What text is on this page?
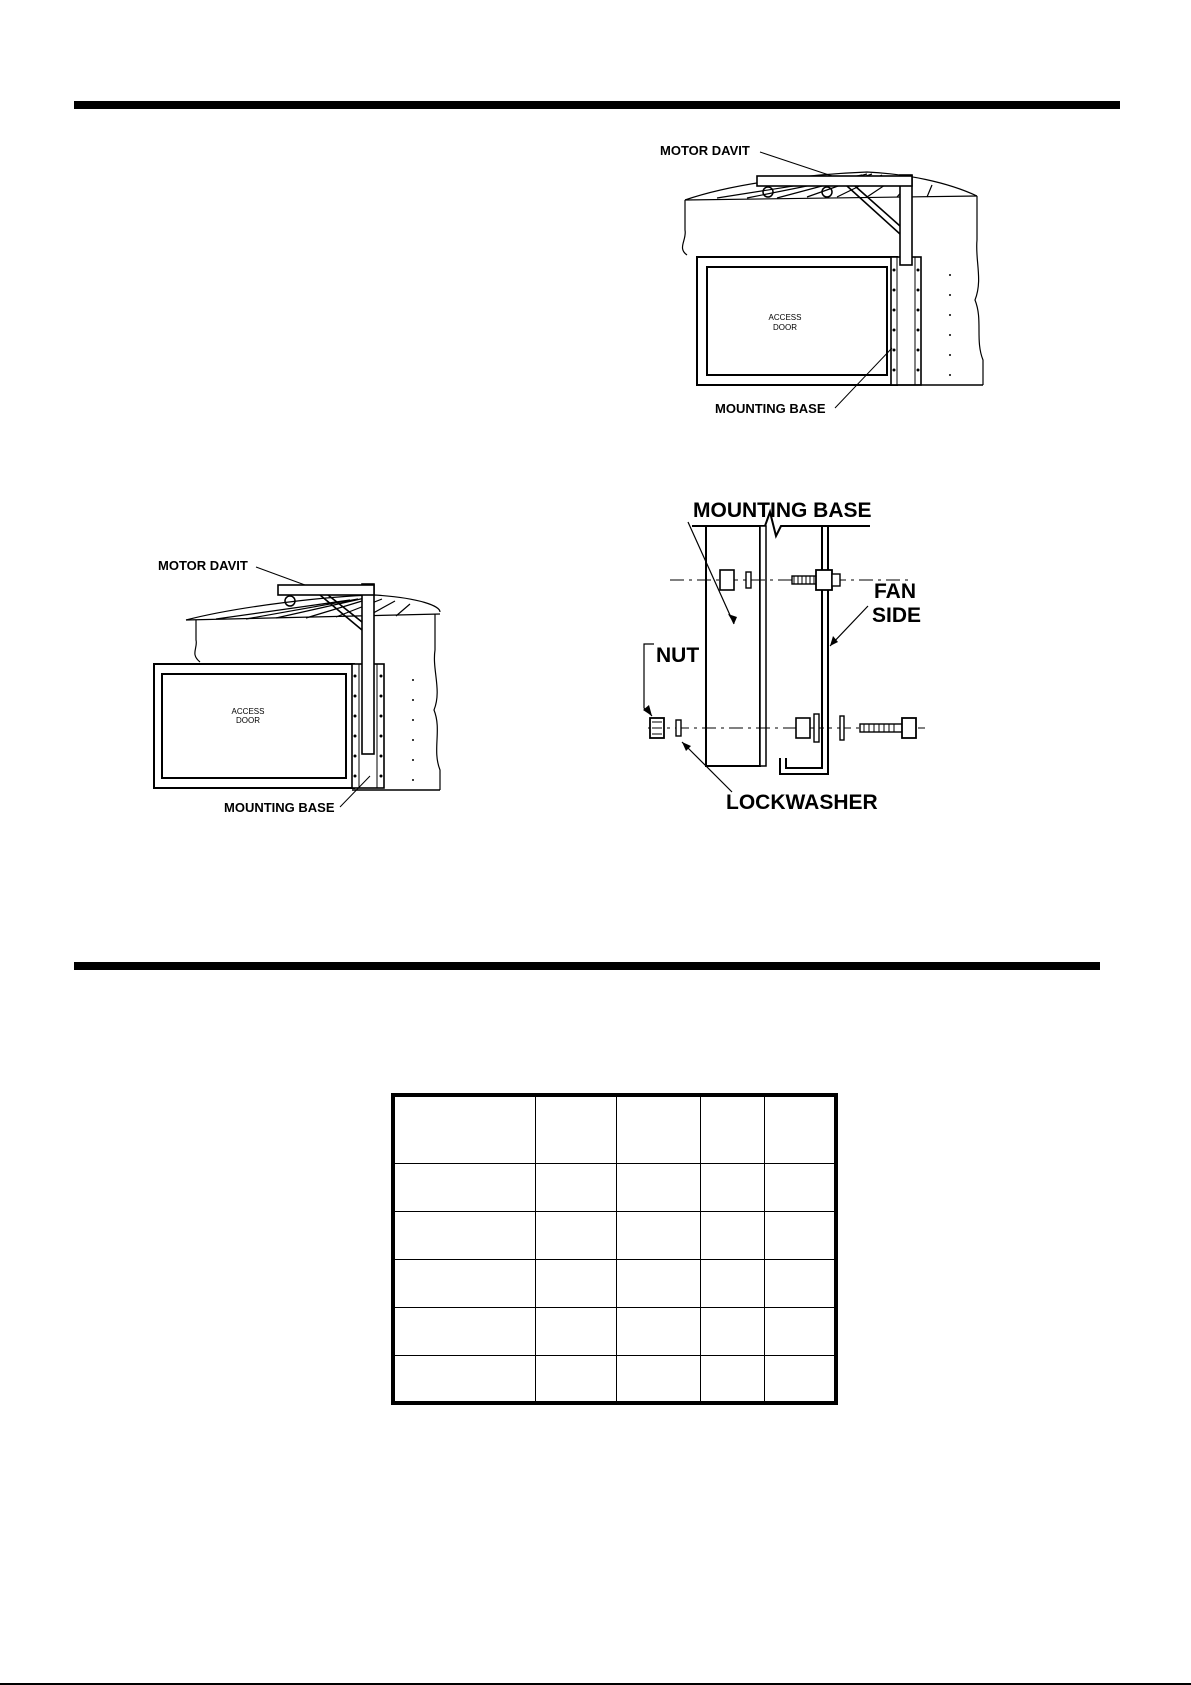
ACCESS
DOOR
MOTOR DAVIT
MOUNTING BASE
ACCESS
DOOR
MOTOR DAVIT
MOUNTING BASE
MOUNTING BASE
FAN
SIDE
NUT
LOCKWASHER
